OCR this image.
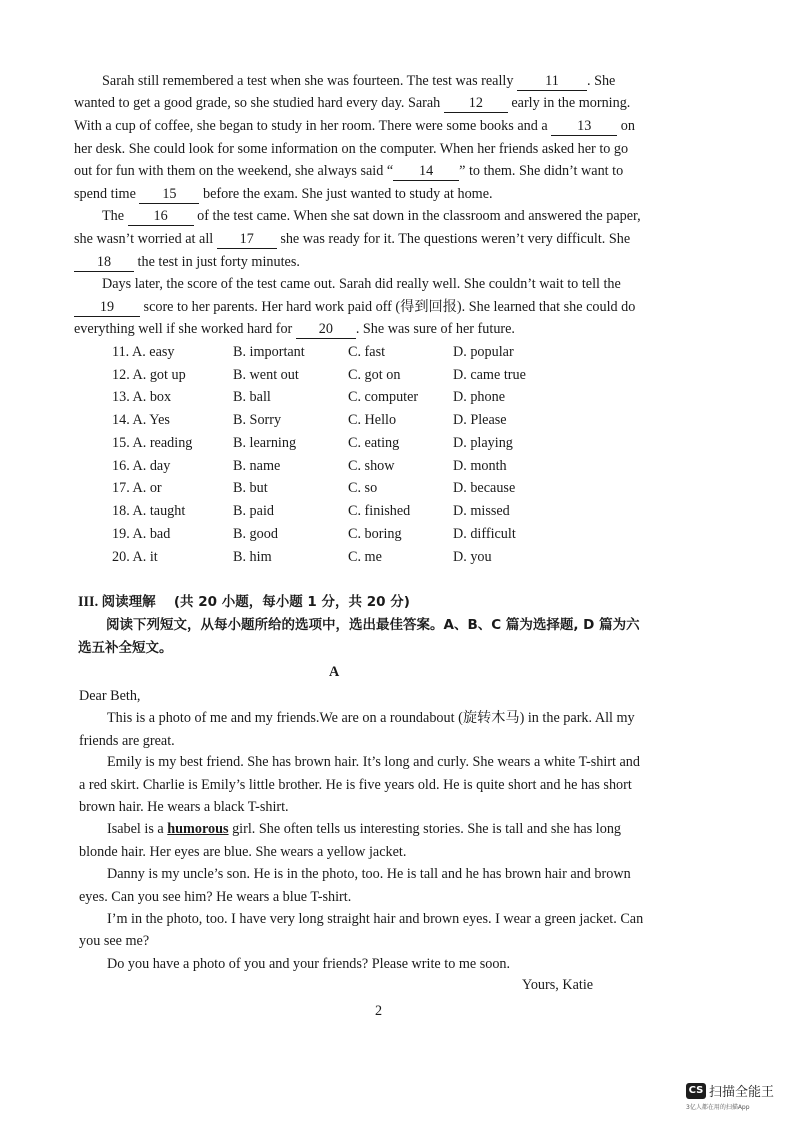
Sarah still remembered a test when she was fourteen. The test was really 11 . She
wanted to get a good grade, so she studied hard every day. Sarah 12 early in the morning.
With a cup of coffee, she began to study in her room. There were some books and a 13 on
her desk. She could look for some information on the computer. When her friends asked her to go
out for fun with them on the weekend, she always said “ 14 ” to them. She didn’t want to
spend time 15 before the exam. She just wanted to study at home.
The 16 of the test came. When she sat down in the classroom and answered the paper,
she wasn’t worried at all 17 she was ready for it. The questions weren’t very difficult. She
18 the test in just forty minutes.
Days later, the score of the test came out. Sarah did really well. She couldn’t wait to tell the
19 score to her parents. Her hard work paid off (得到回报). She learned that she could do
everything well if she worked hard for 20 . She was sure of her future.
11. A. easy	B. important	C. fast	D. popular
12. A. got up	B. went out	C. got on	D. came true
13. A. box	B. ball	C. computer D. phone
14. A. Yes	B. Sorry	C. Hello	D. Please
15. A. reading	B. learning	C. eating	D. playing
16. A. day	B. name	C. show	D. month
17. A. or	B. but	C. so	D. because
18. A. taught	B. paid	C. finished	D. missed
19. A. bad	B. good	C. boring	D. difficult
20. A. it	B. him	C. me	D. you
III. 阅读理解　 (共 20 小题，每小题 1 分，共 20 分)
阅读下列短文，从每小题所给的选项中，选出最佳答案。A、B、C 篇为选择题, D 篇为六
选五补全短文。
A
Dear Beth,
This is a photo of me and my friends.We are on a roundabout (旋转木马) in the park. All my
friends are great.
Emily is my best friend. She has brown hair. It’s long and curly. She wears a white T-shirt and
a red skirt. Charlie is Emily’s little brother. He is five years old. He is quite short and he has short
brown hair. He wears a black T-shirt.
Isabel is a humorous girl. She often tells us interesting stories. She is tall and she has long
blonde hair. Her eyes are blue. She wears a yellow jacket.
Danny is my uncle’s son. He is in the photo, too. He is tall and he has brown hair and brown
eyes. Can you see him? He wears a blue T-shirt.
I’m in the photo, too. I have very long straight hair and brown eyes. I wear a green jacket. Can
you see me?
Do you have a photo of you and your friends? Please write to me soon.
Yours, Katie
2
CS 扫描全能王
3亿人都在用的扫描App
